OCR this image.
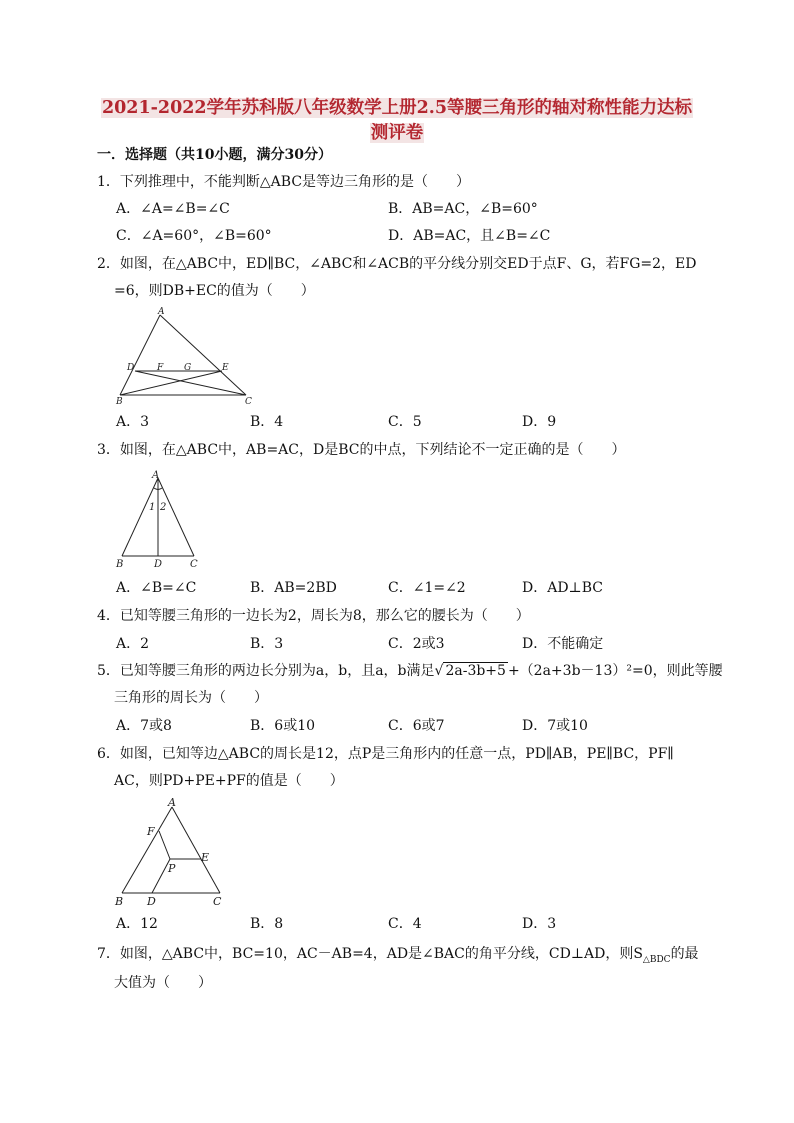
2021-2022学年苏科版八年级数学上册2.5等腰三角形的轴对称性能力达标
测评卷
一．选择题（共10小题，满分30分）
1．下列推理中，不能判断△ABC是等边三角形的是（　　）
A．∠A=∠B=∠C	B．AB=AC，∠B=60°
C．∠A=60°，∠B=60°	D．AB=AC，且∠B=∠C
2．如图，在△ABC中，ED∥BC，∠ABC和∠ACB的平分线分别交ED于点F、G，若FG=2，ED
=6，则DB+EC的值为（　　）
A
D	F G	E
B	C
A．3	B．4	C．5	D．9
3．如图，在△ABC中，AB=AC，D是BC的中点，下列结论不一定正确的是（　　）
A
1 2
B	D	C
A．∠B=∠C	B．AB=2BD	C．∠1=∠2	D．AD⊥BC
4．已知等腰三角形的一边长为2，周长为8，那么它的腰长为（　　）
A．2	B．3	C．2或3	D．不能确定
5．已知等腰三角形的两边长分别为a，b，且a，b满足√ 2a-3b+5 +（2a+3b－13）²=0，则此等腰
三角形的周长为（　　）
A．7或8	B．6或10	C．6或7	D．7或10
6．如图，已知等边△ABC的周长是12，点P是三角形内的任意一点，PD∥AB，PE∥BC，PF∥
AC，则PD+PE+PF的值是（　　）
A
F
E
P
B D	C
A．12	B．8	C．4	D．3
7．如图，△ABC中，BC=10，AC－AB=4，AD是∠BAC的角平分线，CD⊥AD，则$S_{\triangle BDC}$的最
大值为（　　）
